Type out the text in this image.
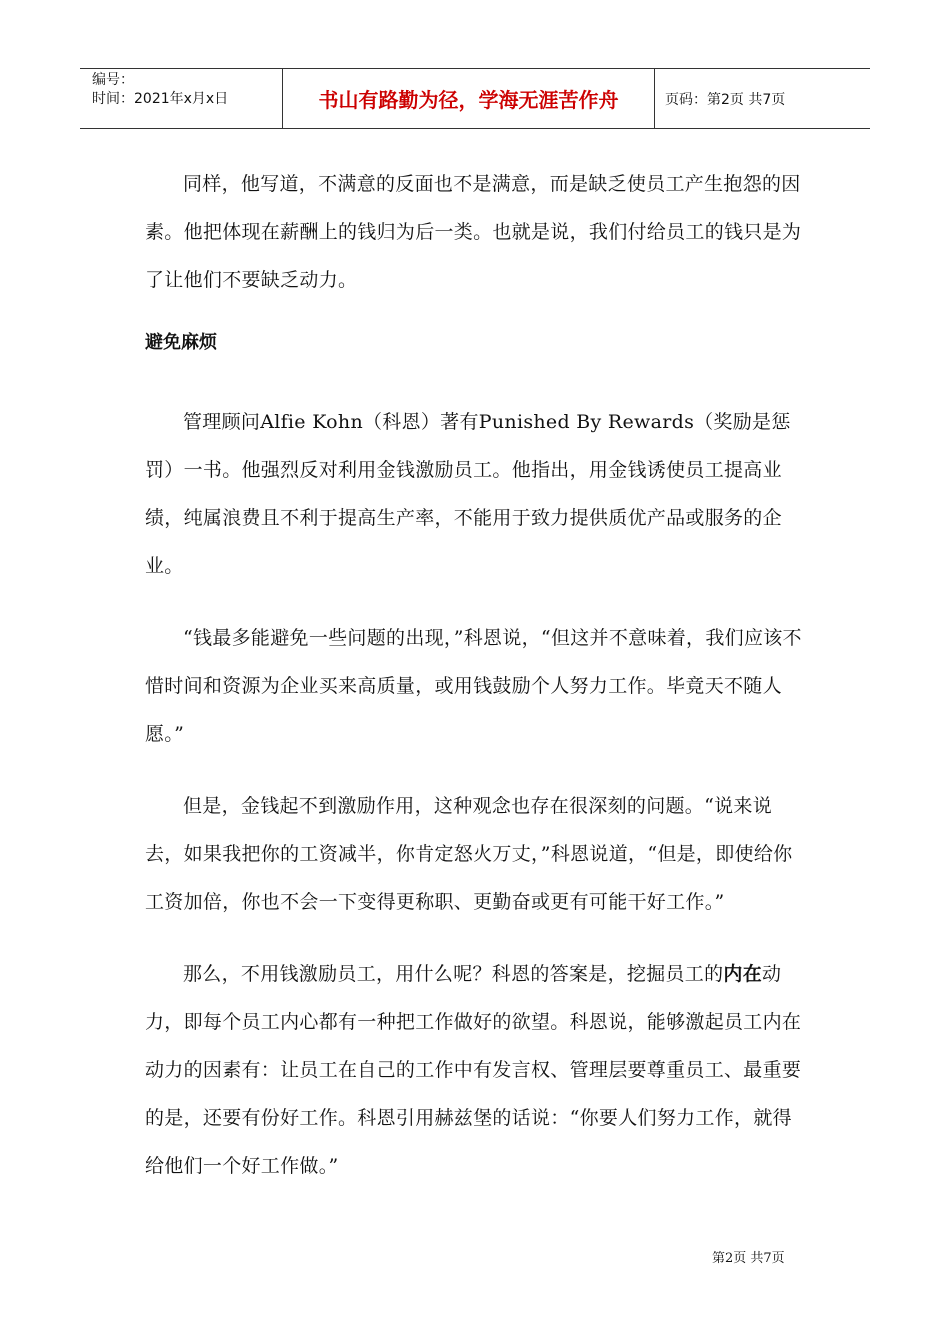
编号：
时间：2021年x月x日	书山有路勤为径，学海无涯苦作舟	页码：第2页 共7页

同样，他写道，不满意的反面也不是满意，而是缺乏使员工产生抱怨的因素。他把体现在薪酬上的钱归为后一类。也就是说，我们付给员工的钱只是为了让他们不要缺乏动力。

避免麻烦

管理顾问Alfie Kohn（科恩）著有Punished By Rewards（奖励是惩罚）一书。他强烈反对利用金钱激励员工。他指出，用金钱诱使员工提高业绩，纯属浪费且不利于提高生产率，不能用于致力提供质优产品或服务的企业。

“钱最多能避免一些问题的出现，”科恩说，“但这并不意味着，我们应该不惜时间和资源为企业买来高质量，或用钱鼓励个人努力工作。毕竟天不随人愿。”

但是，金钱起不到激励作用，这种观念也存在很深刻的问题。“说来说去，如果我把你的工资减半，你肯定怒火万丈，”科恩说道，“但是，即使给你工资加倍，你也不会一下变得更称职、更勤奋或更有可能干好工作。”

那么，不用钱激励员工，用什么呢？科恩的答案是，挖掘员工的内在动力，即每个员工内心都有一种把工作做好的欲望。科恩说，能够激起员工内在动力的因素有：让员工在自己的工作中有发言权、管理层要尊重员工、最重要的是，还要有份好工作。科恩引用赫兹堡的话说：“你要人们努力工作，就得给他们一个好工作做。”

第2页 共7页
